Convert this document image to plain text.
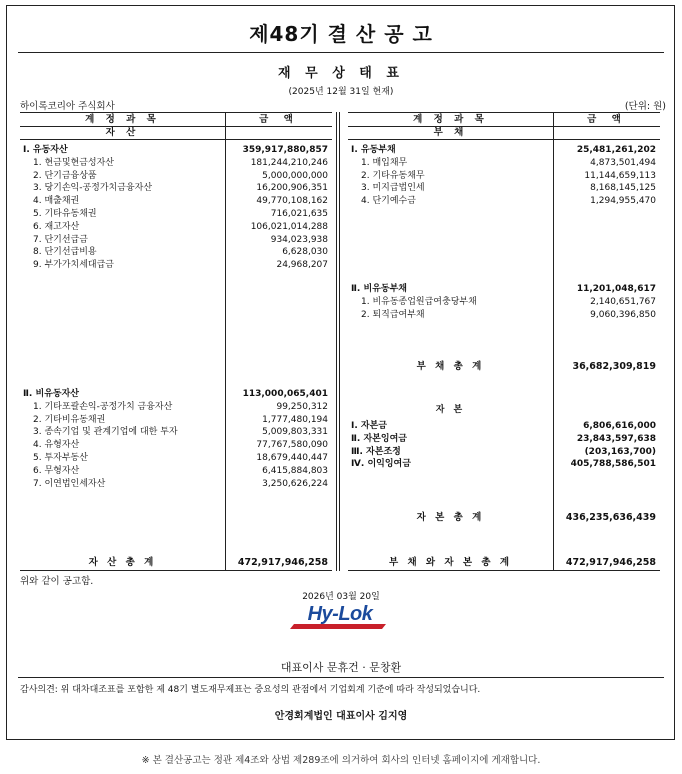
제48기 결 산 공 고
재 무 상 태 표
(2025년 12월 31일 현재)
하이록코리아 주식회사	(단위: 원)
계 정 과 목	금 액
자 산
Ⅰ. 유동자산	359,917,880,857
1. 현금및현금성자산	181,244,210,246
2. 단기금융상품	5,000,000,000
3. 당기손익-공정가치금융자산	16,200,906,351
4. 매출채권	49,770,108,162
5. 기타유동채권	716,021,635
6. 재고자산	106,021,014,288
7. 단기선급금	934,023,938
8. 단기선급비용	6,628,030
9. 부가가치세대급금	24,968,207
Ⅱ. 비유동자산	113,000,065,401
1. 기타포괄손익-공정가치 금융자산	99,250,312
2. 기타비유동채권	1,777,480,194
3. 종속기업 및 관계기업에 대한 투자	5,009,803,331
4. 유형자산	77,767,580,090
5. 투자부동산	18,679,440,447
6. 무형자산	6,415,884,803
7. 이연법인세자산	3,250,626,224
자 산 총 계	472,917,946,258
계 정 과 목	금 액
부 채
Ⅰ. 유동부채	25,481,261,202
1. 매입채무	4,873,501,494
2. 기타유동채무	11,144,659,113
3. 미지급법인세	8,168,145,125
4. 단기예수금	1,294,955,470
Ⅱ. 비유동부채	11,201,048,617
1. 비유동종업원급여충당부채	2,140,651,767
2. 퇴직급여부채	9,060,396,850
부 채 총 계	36,682,309,819
자 본
Ⅰ. 자본금	6,806,616,000
Ⅱ. 자본잉여금	23,843,597,638
Ⅲ. 자본조정	(203,163,700)
Ⅳ. 이익잉여금	405,788,586,501
자 본 총 계	436,235,636,439
부 채 와 자 본 총 계	472,917,946,258
위와 같이 공고함.
2026년 03월 20일
Hy-Lok
대표이사 문휴건 · 문창환
감사의견: 위 대차대조표를 포함한 제 48기 별도재무제표는 중요성의 관점에서 기업회계 기준에 따라 작성되었습니다.
안경회계법인 대표이사 김지영
※ 본 결산공고는 정관 제4조와 상법 제289조에 의거하여 회사의 인터넷 홈페이지에 게재합니다.
